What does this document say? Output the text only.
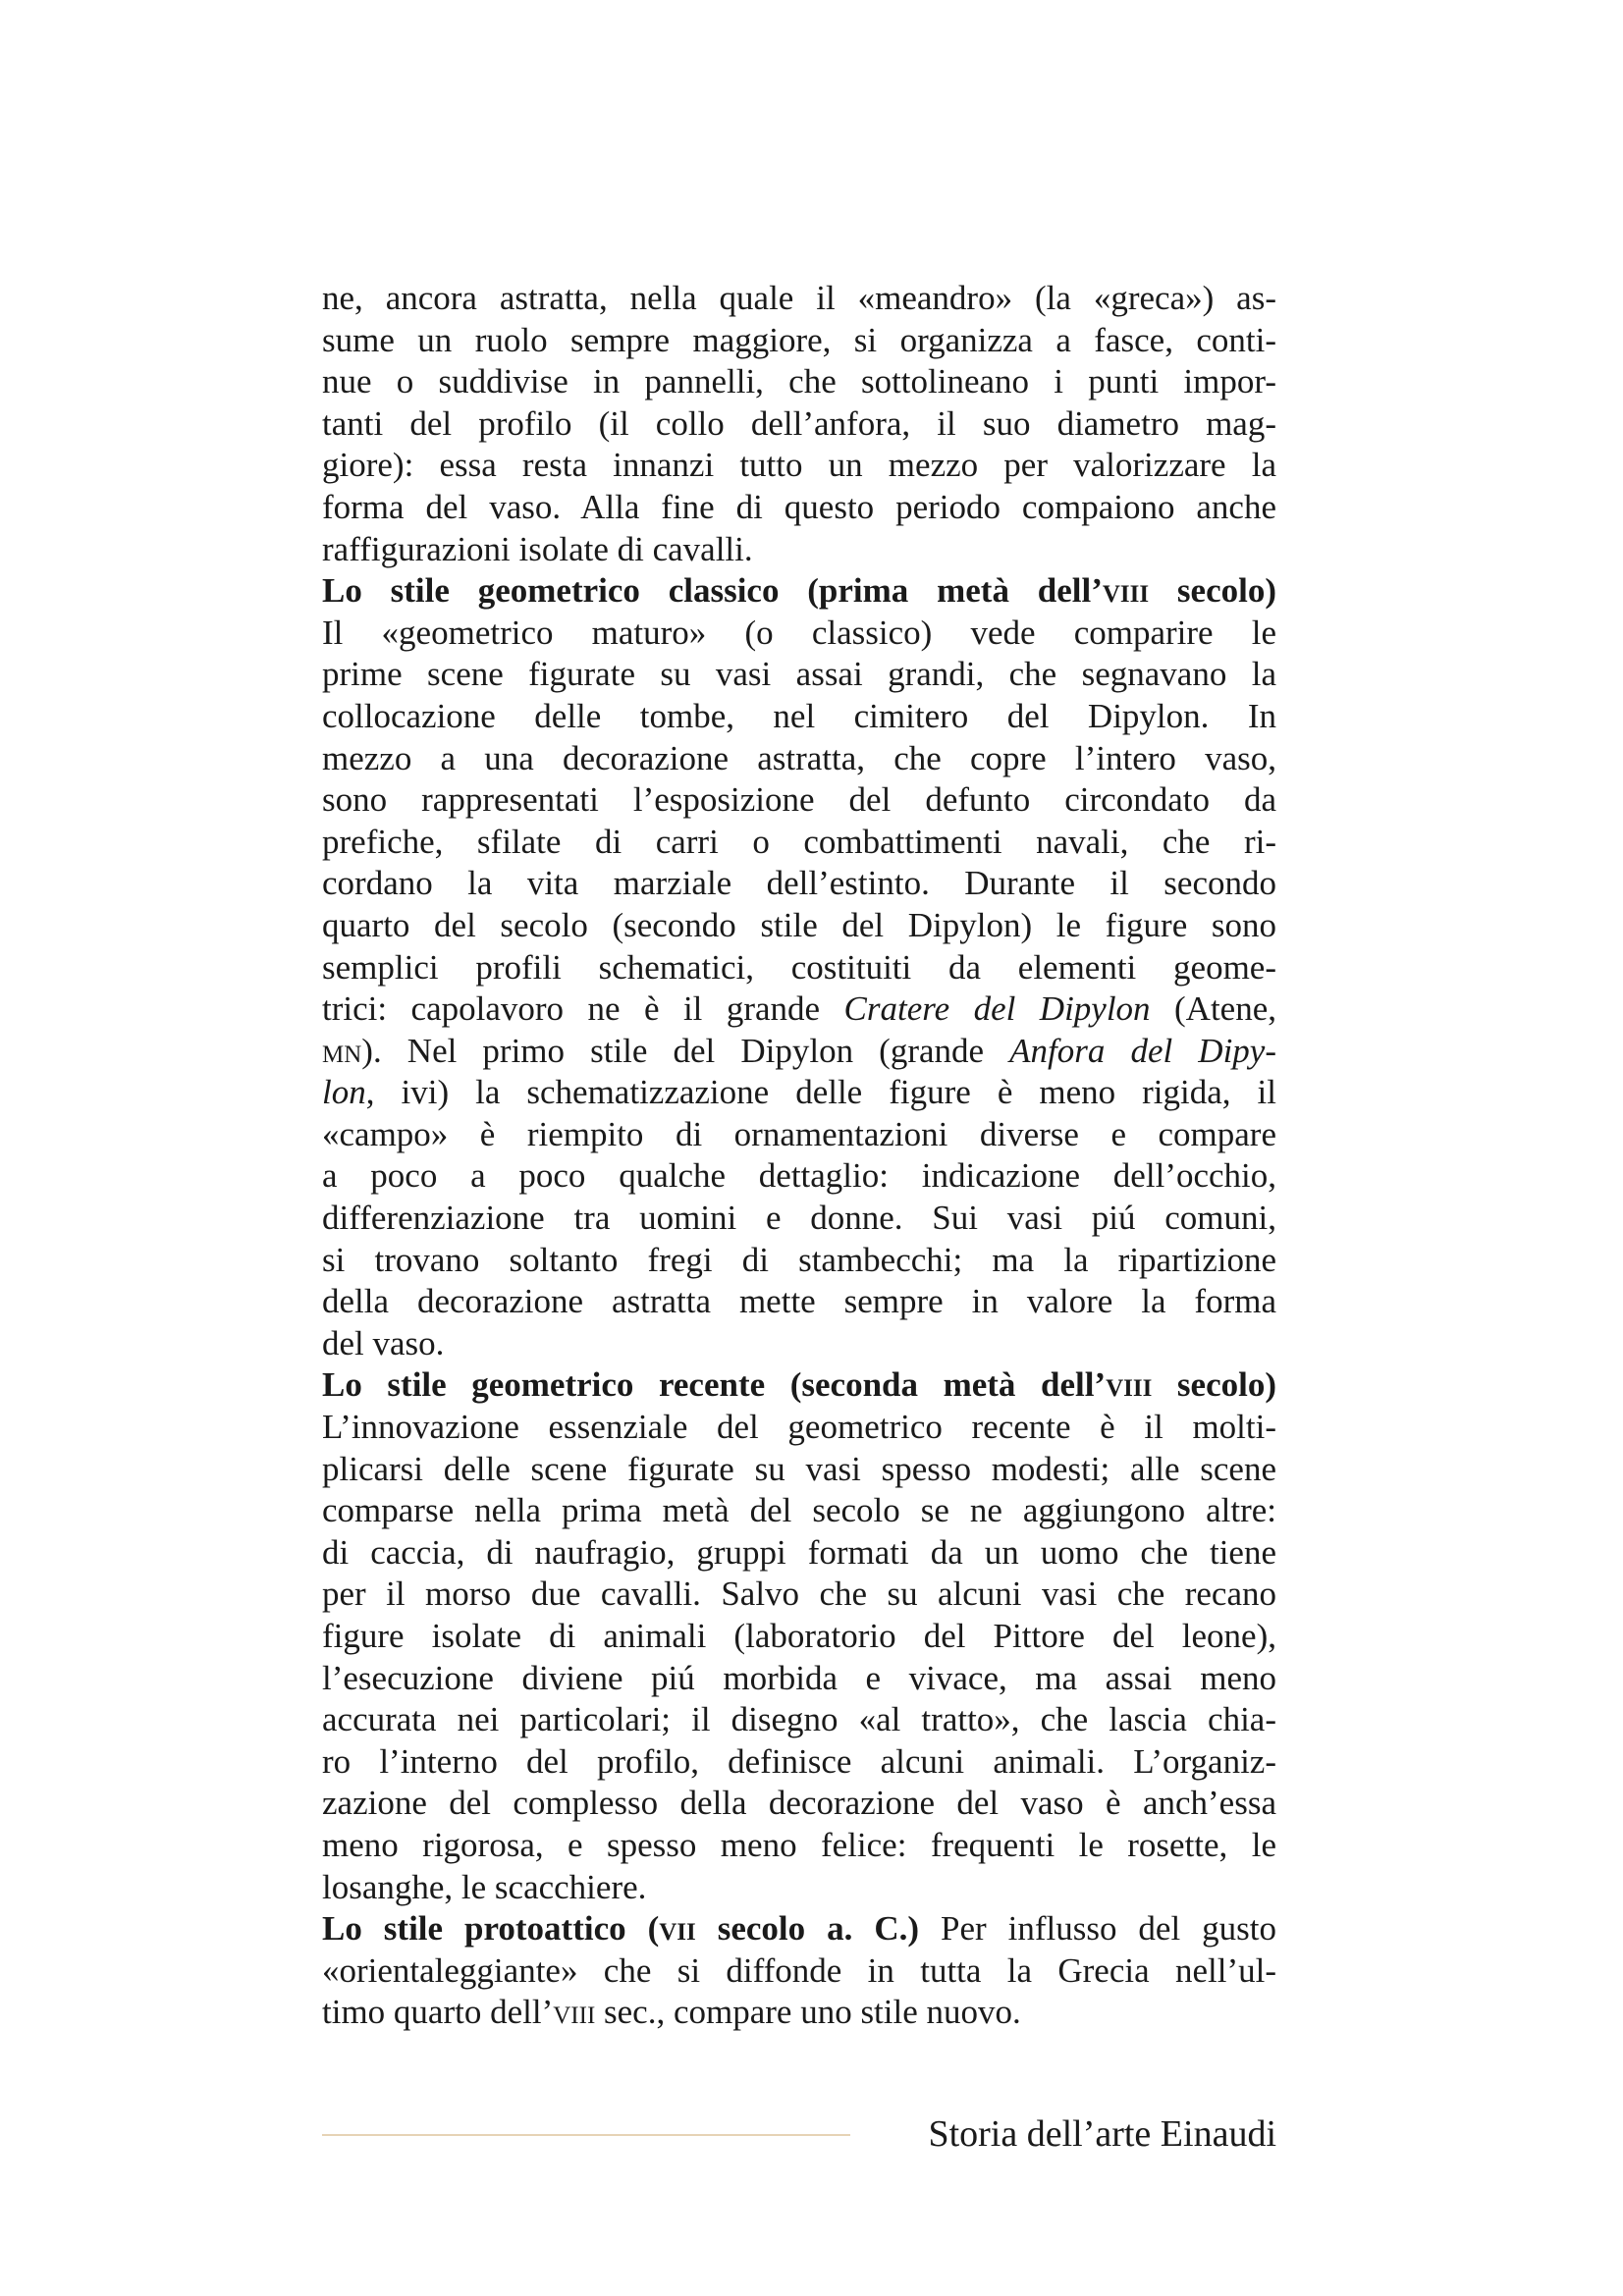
ne, ancora astratta, nella quale il «meandro» (la «greca») as-
sume un ruolo sempre maggiore, si organizza a fasce, conti-
nue o suddivise in pannelli, che sottolineano i punti impor-
tanti del profilo (il collo dell’anfora, il suo diametro mag-
giore): essa resta innanzi tutto un mezzo per valorizzare la
forma del vaso. Alla fine di questo periodo compaiono anche
raffigurazioni isolate di cavalli.
Lo stile geometrico classico (prima metà dell’viii secolo)
Il «geometrico maturo» (o classico) vede comparire le
prime scene figurate su vasi assai grandi, che segnavano la
collocazione delle tombe, nel cimitero del Dipylon. In
mezzo a una decorazione astratta, che copre l’intero vaso,
sono rappresentati l’esposizione del defunto circondato da
prefiche, sfilate di carri o combattimenti navali, che ri-
cordano la vita marziale dell’estinto. Durante il secondo
quarto del secolo (secondo stile del Dipylon) le figure sono
semplici profili schematici, costituiti da elementi geome-
trici: capolavoro ne è il grande Cratere del Dipylon (Atene,
mn). Nel primo stile del Dipylon (grande Anfora del Dipy-
lon, ivi) la schematizzazione delle figure è meno rigida, il
«campo» è riempito di ornamentazioni diverse e compare
a poco a poco qualche dettaglio: indicazione dell’occhio,
differenziazione tra uomini e donne. Sui vasi piú comuni,
si trovano soltanto fregi di stambecchi; ma la ripartizione
della decorazione astratta mette sempre in valore la forma
del vaso.
Lo stile geometrico recente (seconda metà dell’viii secolo)
L’innovazione essenziale del geometrico recente è il molti-
plicarsi delle scene figurate su vasi spesso modesti; alle scene
comparse nella prima metà del secolo se ne aggiungono altre:
di caccia, di naufragio, gruppi formati da un uomo che tiene
per il morso due cavalli. Salvo che su alcuni vasi che recano
figure isolate di animali (laboratorio del Pittore del leone),
l’esecuzione diviene piú morbida e vivace, ma assai meno
accurata nei particolari; il disegno «al tratto», che lascia chia-
ro l’interno del profilo, definisce alcuni animali. L’organiz-
zazione del complesso della decorazione del vaso è anch’essa
meno rigorosa, e spesso meno felice: frequenti le rosette, le
losanghe, le scacchiere.
Lo stile protoattico (vii secolo a. C.) Per influsso del gusto
«orientaleggiante» che si diffonde in tutta la Grecia nell’ul-
timo quarto dell’viii sec., compare uno stile nuovo.
Storia dell’arte Einaudi
